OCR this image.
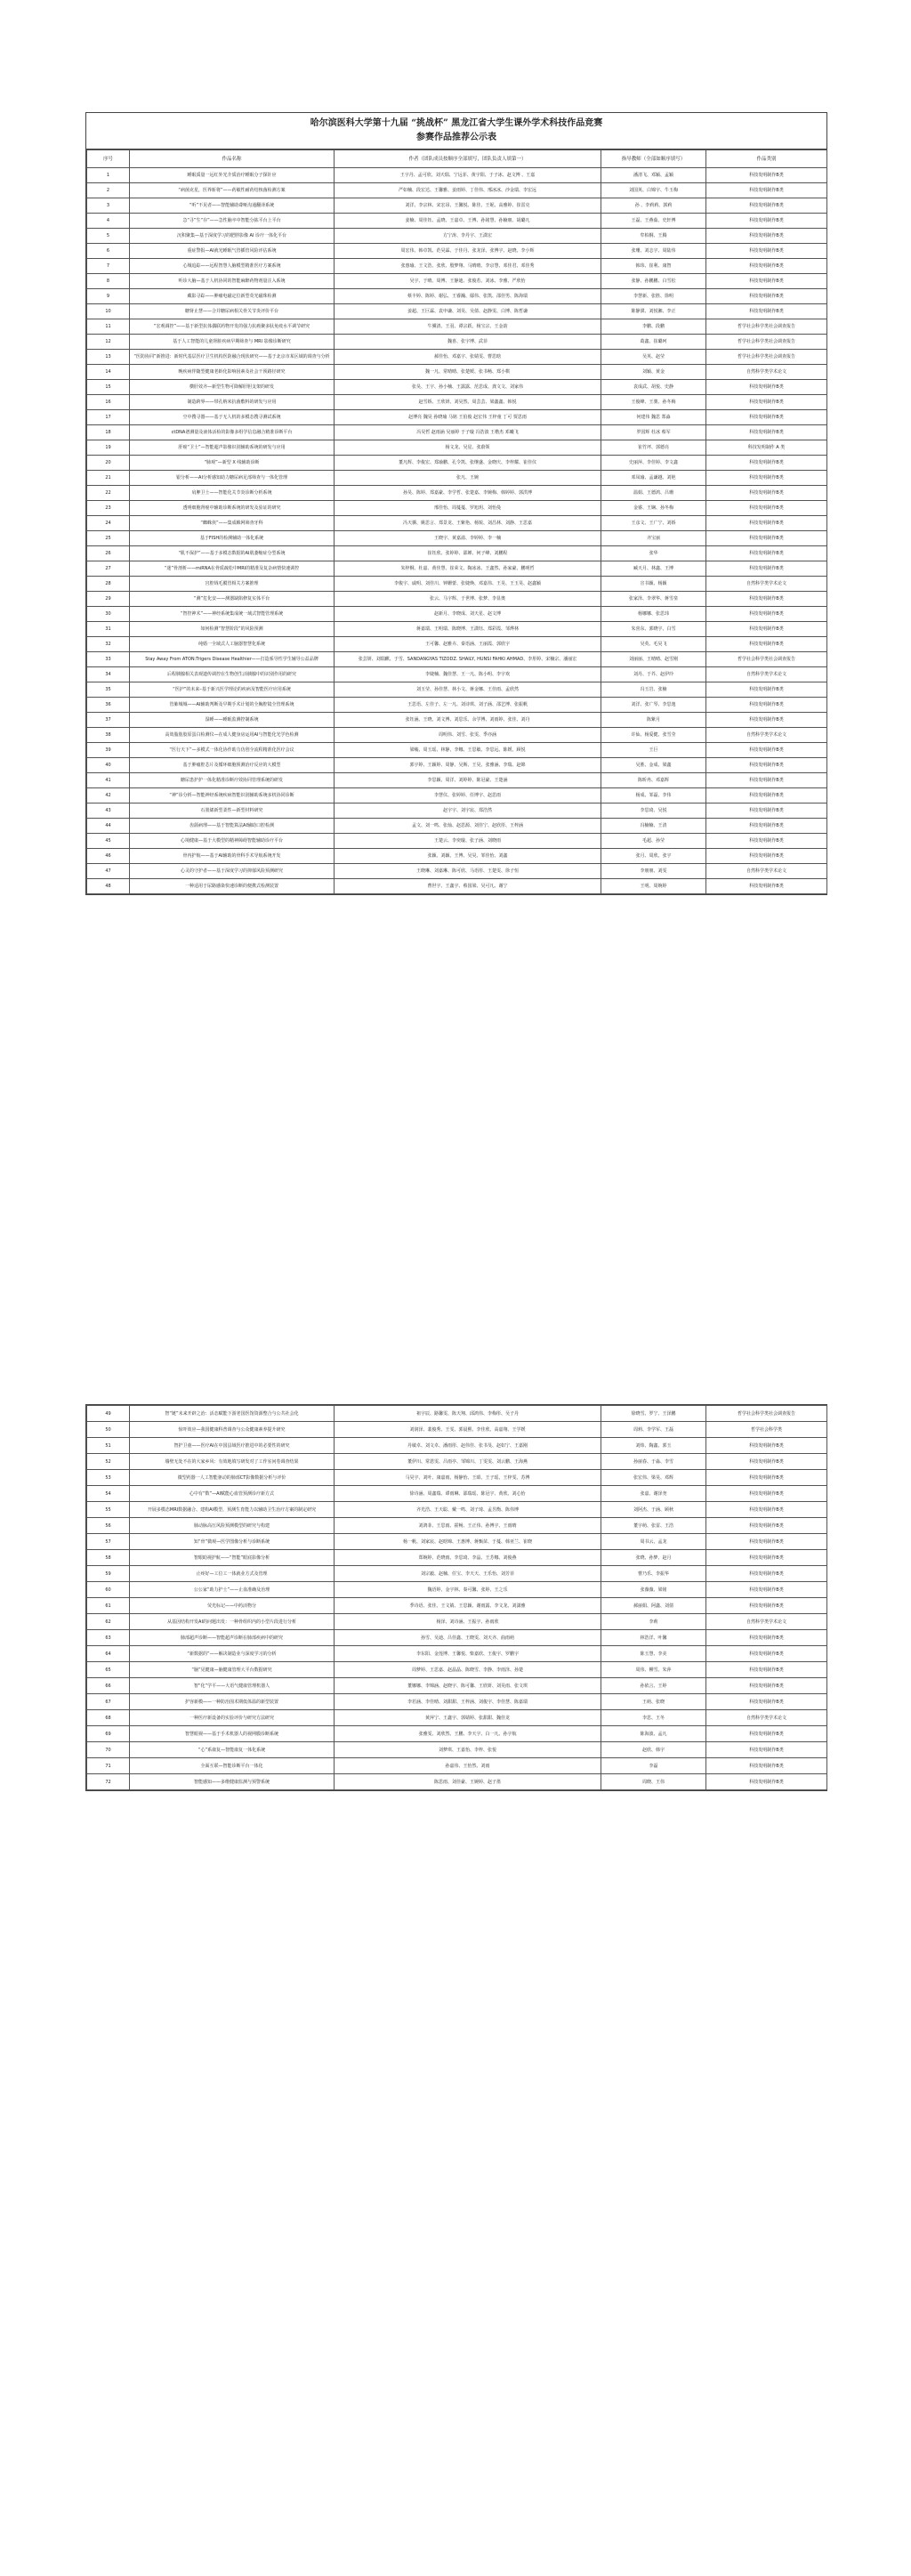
哈尔滨医科大学第十九届 “挑战杯” 黑龙江省大学生课外学术科技作品竞赛
参赛作品推荐公示表
序号	作品名称	作者（团队成员按顺序全部填写，团队负责人填第一）	指导教师（全部如顺序填写）	作品类别
1	睡眠质量一远红外光介质治疗睡眠分子探针应	王宇丹、孟可欣、刘天瑞、宁远菲、黄宇阳、于子冰、赵文博 、王嘉	潘清飞、邓颖、孟颖	科技发明制作B类
2	“病菌克星，医界斩将”——药敏性耐药结核菌检测方案	严如楠、段宏达、王馨雅、姜雨婷、丁佳伟、邢冰冰、沙金瑞、李宏远	刘国英、白锦宇、牛玉梅	科技发明制作B类
3	“听”不见者——智能辅助聋哑沟通翻译系统	刘洋、李宗林、宋宏昂、王馨悦、陈佳、王妮、高雅婷、崔雷克	孙 、李莉莉、郭莉	科技发明制作B类
4	急“寻”生“存”——急性脑卒中智能分拣平台上平台	姜楠、周佳钰、孟晓、王嘉卓、王博、孙铭慧、孙楠朋、胡璐凡	王磊、王燕茹、史轩博	科技发明制作B类
5	沉积聚集—基于深度学习的肥胖影像 AI 诊疗一体化平台	方宁涛、李丹宇、王潇宏	牟柏桐、王腾	科技发明制作B类
6	重症警报—AI就光睡眠气管插管风险评估系统	周宏伟、韩卓凯、范昊霖、于佳丹、张龙泽、张博宇、赵晓、李小辉	张珊、刘志宇、周陆伟	科技发明制作B类
7	心城追踪——远程智慧人脑模型精准医疗方案系统	张惠瑜、王文浩、张欣、殷梦翔、马晴晴、李京慧、邓佳君、邓佳秀	韩玮、崔利、康智	科技发明制作B类
8	听诊大脑—基于人机协同的智能麻醉药物剂量注入系统	吴宇、于晴、周博、王静迪、张俊若、刘冰、李雅、严欣怡	张静、孙鹏鹏、白雪松	科技发明制作B类
9	藏影寻踪——肿瘤电磁定位新型荧光磁珠检测	蔡丰婷、陈婷、谢弘、王睿瀚、鄢伟、张凯、邵佳男、陈海瑞	李慧新、张胜、徐明	科技发明制作B类
10	糖肾止慧——合并糖尿病相关骨关节炎评价平台	姜超、王巨霖、袁申谦、刘昊、吴倩、赵静雯、白博、陈哲谦	陈静骐、刘悦湘、李正	科技发明制作B类
11	“宏观调控”——基于新型抗体偶联药物开发的强力抗癌聚多肽免疫水平调节研究	牛骥清、王羽、谭宗跃、杨宝宗、王金韵	李鹏、段鹏	哲学社会科学类社会调查报告
12	基于人工智能的儿童肾脏疾病早期筛查与 MRI 影像诊断研究	魏喜、张宇博、武菲	葛鑫、崔璐珂	哲学社会科学类社会调查报告
13	“医防协同”新推进：新时代基层医疗卫生机构医防融合现状研究——基于北京市某区域的调查与分析	郝佳怡、邓嘉宇、张婧雯、曹思晗	吴英、赵莹	哲学社会科学类社会调查报告
14	晚疾病伴随型健康老龄化影响因素及社会干预路径研究	魏一凡、常晴晴、张楚媛、张书畅、郑小棋	刘颖、黄金	自然科学类学术论文
15	横肝效齐—新型生物可降解肝胆支架的研发	张昊、王宇、孙小楠、王露露、范思成、龚文文、刘家伟	袁成武、胡悦、史静	科技发明制作B类
16	制造跨界——带孔纳米抗菌敷料的研发与应用	赵雪娇、王欣妍、刘昊然、周芸芸、梁鑫鑫、韩悦	王俊峰、王骏、孙冬梅	科技发明制作B类
17	空中搜寻器——基于无人机的多模态搜寻测试系统	赵博亮 魏昊 孙晓瑜 马铭 王伯俊 赵宏伟 王梓童 丁可 贾思雨	何建伟 魏思 郑淼	科技发明制作B类
18	ctDNA谱测量及液体活检的影像多组学信息融合精准诊断平台	冯昊哲 赵雨涵 吴丽婷 于子璇 冯浩波 王楷杰 邓曦飞	罗国辉 杜冰 蔡军	科技发明制作B类
19	肝癌“卫士”—智能超声影像识别辅助系统的研发与应用	杨文龙、吴星、张蔚领	崔竹坪、郭德亮	科技发明制作 A 类
20	“肺观”—新型 X 线辅助诊断	董凡辉、李俊宏、郑瑜鹏、孔令凯、张继盛、金晓庆、李梓耀、崔佳仪	史丽萍、李佳婷、李文鑫	科技发明制作B类
21	银分析——AI分析感知助力糖尿病足部筛查与一体化管理	张凡、王婉	邓凤瑜、孟谦越、刘艳	科技发明制作B类
22	肩胛卫士——智能化关节炎诊断分析系统	孙昊、陈婷、郑嘉豪、李学哲、张楚嘉、李婉梅、韩婷婷、郭洪博	温娟、王德鸿、吕珊	科技发明制作B类
23	透明细胞肾癌中辅助诊断系统的研发及验证的研究	邢佳怡、周蔓蔓、罗旭玥、刘怡曼	金睿、王娴、孙冬梅	科技发明制作B类
24	“蜘蛛侠”——集成蛛网筛查牙科	冯天骥、姚思言、郑景龙、王紫艳、杨锐、刘昌林、刘静、王思嘉	王彦文、王广宁、刘娇	科技发明制作B类
25	基于FISH的检测辅助一体化系统	王晓宇、黄嘉溢、李婷婷、李一楠	齐宝丽	科技发明制作B类
26	“肌不保护”——基于多模态数据的AI肌萎缩症分型系统	崔钰欣、张婷婷、邵婵、何子峰、刘鹏程	张华	科技发明制作B类
27	“迷”骨剖析——miRNA在骨质疏松中MRI的精准及复杂病情快速调控	朱梓桐、杜嘉、黄佳慧、崔荣文、陶冰冰、王鑫然、孙家豪、鹏明哲	臧天月、林鑫、王博	科技发明制作B类
28	宫腔绒毛膜管相关方案推理	李俊宇、戚明、刘佳川、钟姗蕾、张婕焕、邓嘉伟、王昊、王玉昊、赵鑫颖	宣书颖、杨颖	自然科学类学术论文
29	“测”危化安——测器缺陷修复实体平台	张云、马宇辉、于世博、张梦、李显奥	张家泽、李翠华、蒋雪垒	科技发明制作B类
30	“智控神术”——神经系统集成统一域式智能管理系统	赵新月、李晓成、刘天星、赵文博	杨娜娜、张思玮	科技发明制作B类
31	如何检测“智慧阶段”的风险预测	蒋嘉瑞、王明瑞、陈晓博、王潇钰、郑彩霞、邹烨林	朱喜东、郭晓宇、白雪	科技发明制作B类
32	纯婚一全域式人工脑器智慧化系统	王可馨、赵雅卉、秦语涵、王丽霞、郭欣宇	吴英、毛昊飞	科技发明制作B类
33	Stay Away From ATON:Trigers Disease Healthier——打造系导性学生辅导公益品牌	张芸妍、刘瑞麒、于雪、SANDANGYAS TIZODZ. SHAILY, HUNSI FAHKI AHMAD、李彤婷、宋楠宗、潘丽宏	刘丽丽、王晴晴、赵雪刚	哲学社会科学类社会调查报告
34	后程胰腺相关表观遗传调控在生物创生活胰腺中的识别作用的研究	李婕楠、魏佳慧、王一凡、陈小明、李宇欢	刘丹、于芥、赵伊玲	自然科学类学术论文
35	“医护”的未来–基于新兴医学理论的疾病及智能医疗应用系统	刘玉莹、孙佳慧、林小文、蒋金娜、王佳雨、孟欣然	冯玉岩、张楠	科技发明制作B类
36	管肺城城——AI辅助判断及早期手术计划的全胸腔镜全管理系统	王思语、左佳子、左一凡、刘诗琪、刘子涵、邵艺博、张振帆	刘洋、张广琴、李思逸	科技发明制作B类
37	湿睡——睡眠监测控制系统	张钰涵、王晓、刘文博、刘思乐、余学博、刘雨婷、张佳、刘丹	陈紫月	科技发明制作B类
38	高效脂肪胶原蛋白检测仪—在成人健身房运用AI与智能化光学色检测	周明伟、刘雪、张雯、季亦涵	许仙、杨爱健、张雪莹	自然科学类学术论文
39	“医行天下”—多模式一体化协作助力仿创全流程精准化医疗会议	梁峻、周玉瑶、林静、李娜、王思敏、李思远、陈媛、顾悦	王巨	科技发明制作B类
40	基于肿瘤腔芯片及循环细胞预测治疗反应的大模型	郭宇婷、王颖婷、周静、吴斯、王昊、张雅涵、李瑞、赵锦	吴胜、金成、梁鑫	科技发明制作B类
41	糖尿患护护一体化精准诊断疗效协同管理系统的研发	李思颖、周洋、刘婷婷、陈冠豪、王楚涵	陈昕冉、邓嘉辉	科技发明制作B类
42	“神”诊分析—智能神经系统疾病智能识别辅助系统多机协同诊断	李慧仪、张婷婷、任博宇、赵思雨	杨成、邹磊、李伟	科技发明制作B类
43	石墨烯新型柔性—新型材料研究	赵宇宇、刘宇宸、郑浩然	李思琦、吴悦	科技发明制作B类
44	齿颌病理——基于智能算法AI辅助口腔检测	孟文、刘一鸣、张灿、赵思源、刘佳宁、赵欣彤、王梓涵	冯楠楠、王清	科技发明制作B类
45	心境健康—基于大模型的精神障碍智能辅助诊疗平台	王楚云、李奕璇、张子涵、刘晓雨	毛超、孙莹	科技发明制作B类
46	骨内护航——基于AI辅助的骨科手术导航系统开发	张颖、刘颖、王博、吴昊、邹佳怡、刘鑫	张月、周欣、张宇	科技发明制作B类
47	心灵的守护者——基于深度学习的抑郁风险预测研究	王晓琳、刘嘉琳、陈可欣、马语彤、王楚雯、徐子恒	李朋朋、刘雯	自然科学类学术论文
48	一种适用于尿路感染快速诊断的便携式检测装置	曹世宇、王鑫宇、蔡国梁、吴可凡、谢宁	王明、周婉婷	科技发明制作B类
49	智“链”未来开辟之治：活态赋能下游老国医馆资源整合与公共社会化	祖宇辰、路馨雯、陈天翔、邱鸿伟、李梅彤、吴子丹	徐晓雪、罗宁、王泽鹏	哲学社会科学类社会调查报告
50	惊吓效应—我国健康科普调查与公众健康素养提升研究	刘润泽、裴俊秀、王雯、郭晨熙、李佳欣、高嘉翔、王学媛	周莉、李学军、王磊	哲学社会科学类
51	智护卫童——医疗AI在中国县域医疗推进中的必要性的研究	丹敏卓、刘文卓、潘雨彤、赵伟佳、张书旻、赵如宁、王嘉刚	刘炜、陶鑫、郭玉	科技发明制作B类
52	墙壁无处不在的大家乡风：有效地填写研发对了工作室问卷调查结果	董伊川、常恩雯、吕雨亭、邹锦川、丁雯雯、刘云鹏、王海燕	孙丽春、于淼、李雪	科技发明制作B类
53	微型药器一人工智能驱动的肺部CT影像数据分析与评价	马昊宇、刘叶、康嘉雨、杨静怡、王昭、王子瑶、王梓雯、苏博	张宏伟、梁昊、邓辉	科技发明制作B类
54	心中有“数”—AI赋能心血管预测诊疗新方式	徐诗涵、周鑫瑞、谭雨琳、邵瑞瑶、陈冠宇、黄欣、刘心怡	张嘉、谢泽尧	科技发明制作B类
55	开展多模态MRI数据融合、建构AI模型，预测生育能力以辅助卫生治疗方案的制定研究	齐光浩、王天聪、戴一鸣、刘子琦、孟昱衡、陈伟博	刘阿杰、于涵、顾秋	科技发明制作B类
56	肺动脉高压风险预测模型的研究与构建	刘鸿菲、王思雨、霍畅、王正伟、孙博宇、王雨晴	董宇萌、张雷、王浩	科技发明制作B类
57	知“骨”微观—医学图像分析与诊断系统	杨一帆、刘家宸、赵晗锦、王惠博、蒋甄苗、于蔓、韩亚兰、崔晓	周书云、孟龙	科技发明制作B类
58	智眼助视护航——“智能”眼底影像分析	郑婉婷、范晓雨、李思琦、李晶、王芳娜、刘俊燕	张晓、孙梦、赵月	科技发明制作B类
59	止疼好—工位工一体就业方式及管理	刘宗毅、赵楠、任宝、李天天、王乐怡、刘芳菲	曹乃乐、李振华	科技发明制作B类
60	公公家“助力护士”——止血准确及治理	魏语婷、金宇林、秦可馨、张婷、王之乐	张薇薇、梁铭	科技发明制作B类
61	荧光标记——中药活物分	季诗语、张佳、王文婧、王思颖、谢雨露、李文龙、刘潇雅	郝丽娟、阿鑫、刘倩	科技发明制作B类
62	从基因结构开发AI的问题出发：一种骨组织内的小型片段进行分析	杨泽、刘诗涵、王振宇、孙雨欣	李莉	自然科学类学术论文
63	肺部超声诊断——智能超声诊断在肺部疾病中的研究	孙雪、吴迪、吕佳鑫、王晓雯、刘天齐、曲雨萌	林浩洋、叶馨	科技发明制作B类
64	“新数据的”——解决制造业与深度学习的分析	李东阳、金莲博、王馨悦、柴嘉欣、王俊宇、罗鹏宇	陈玉慧、李美	科技发明制作B类
65	“脑”见健康—脑健康管理大平台数据研究	周梦婷、王思嘉、赵晶晶、陈晓雪、李静、李雨泽、孙楚	周伟、柳雪、朱萍	科技发明制作B类
66	智“化”学平——大语气健康管理机器人	董娜娜、李锦涵、赵晓宇、陈可馨、王欣妍、刘昊雨、张文琪	孙依言、王婷	科技发明制作B类
67	护容新模——一种防治围术期低体温的新型装置	李若涵、李佳晴、刘甜甜、王梓涵、刘俊宇、李佳慧、陈嘉瑞	王萌、张晓	科技发明制作B类
68	一种医疗新设备的实验评价与研究方法研究	黄萍宁、王鑫宇、郭婧婷、张甜甜、魏佳龙	李思、王冬	自然科学类学术论文
69	智慧眼视——基于手术机器人的视网膜诊断系统	张雅雯、刘欣然、王鹏、李天宇、白一凡、孙宇航	陈海波、孟凡	科技发明制作B类
70	“心”系康复—智能康复一体化系统	刘梦琪、王嘉怡、李梓、张悦	赵欣、韩宇	科技发明制作B类
71	全面互联—智能诊断平台一体化	孙嘉伟、王怡然、刘雨	李磊	科技发明制作B类
72	智能感知——多维健康监测与预警系统	陈思雨、刘佳豪、王婉婷、赵子墨	周晓、王伟	科技发明制作B类
